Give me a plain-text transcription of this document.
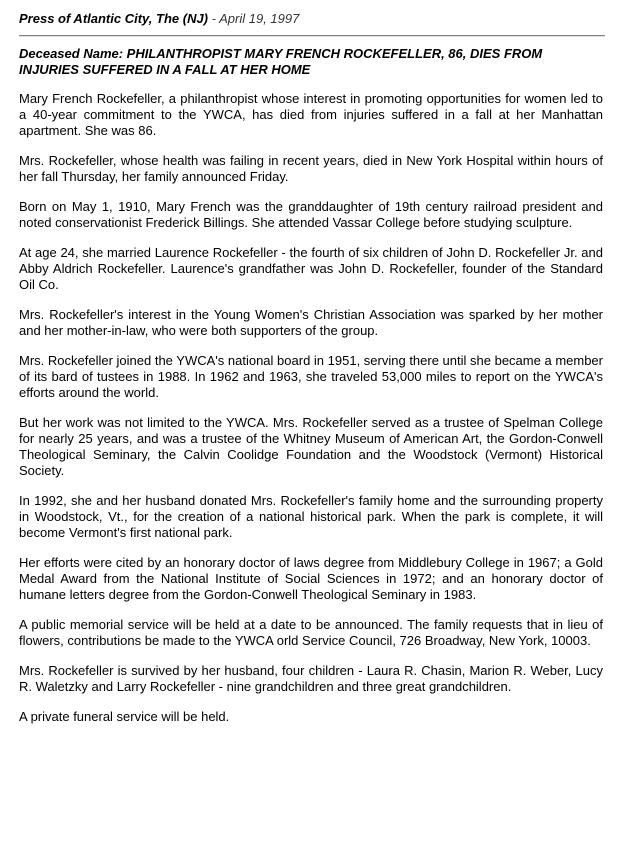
Press of Atlantic City, The (NJ) - April 19, 1997
Deceased Name: PHILANTHROPIST MARY FRENCH ROCKEFELLER, 86, DIES FROM INJURIES SUFFERED IN A FALL AT HER HOME

Mary French Rockefeller, a philanthropist whose interest in promoting opportunities for women led to a 40-year commitment to the YWCA, has died from injuries suffered in a fall at her Manhattan apartment. She was 86.

Mrs. Rockefeller, whose health was failing in recent years, died in New York Hospital within hours of her fall Thursday, her family announced Friday.

Born on May 1, 1910, Mary French was the granddaughter of 19th century railroad president and noted conservationist Frederick Billings. She attended Vassar College before studying sculpture.

At age 24, she married Laurence Rockefeller - the fourth of six children of John D. Rockefeller Jr. and Abby Aldrich Rockefeller. Laurence's grandfather was John D. Rockefeller, founder of the Standard Oil Co.

Mrs. Rockefeller's interest in the Young Women's Christian Association was sparked by her mother and her mother-in-law, who were both supporters of the group.

Mrs. Rockefeller joined the YWCA's national board in 1951, serving there until she became a member of its bard of tustees in 1988. In 1962 and 1963, she traveled 53,000 miles to report on the YWCA's efforts around the world.

But her work was not limited to the YWCA. Mrs. Rockefeller served as a trustee of Spelman College for nearly 25 years, and was a trustee of the Whitney Museum of American Art, the Gordon-Conwell Theological Seminary, the Calvin Coolidge Foundation and the Woodstock (Vermont) Historical Society.

In 1992, she and her husband donated Mrs. Rockefeller's family home and the surrounding property in Woodstock, Vt., for the creation of a national historical park. When the park is complete, it will become Vermont's first national park.

Her efforts were cited by an honorary doctor of laws degree from Middlebury College in 1967; a Gold Medal Award from the National Institute of Social Sciences in 1972; and an honorary doctor of humane letters degree from the Gordon-Conwell Theological Seminary in 1983.

A public memorial service will be held at a date to be announced. The family requests that in lieu of flowers, contributions be made to the YWCA orld Service Council, 726 Broadway, New York, 10003.

Mrs. Rockefeller is survived by her husband, four children - Laura R. Chasin, Marion R. Weber, Lucy R. Waletzky and Larry Rockefeller - nine grandchildren and three great grandchildren.

A private funeral service will be held.
